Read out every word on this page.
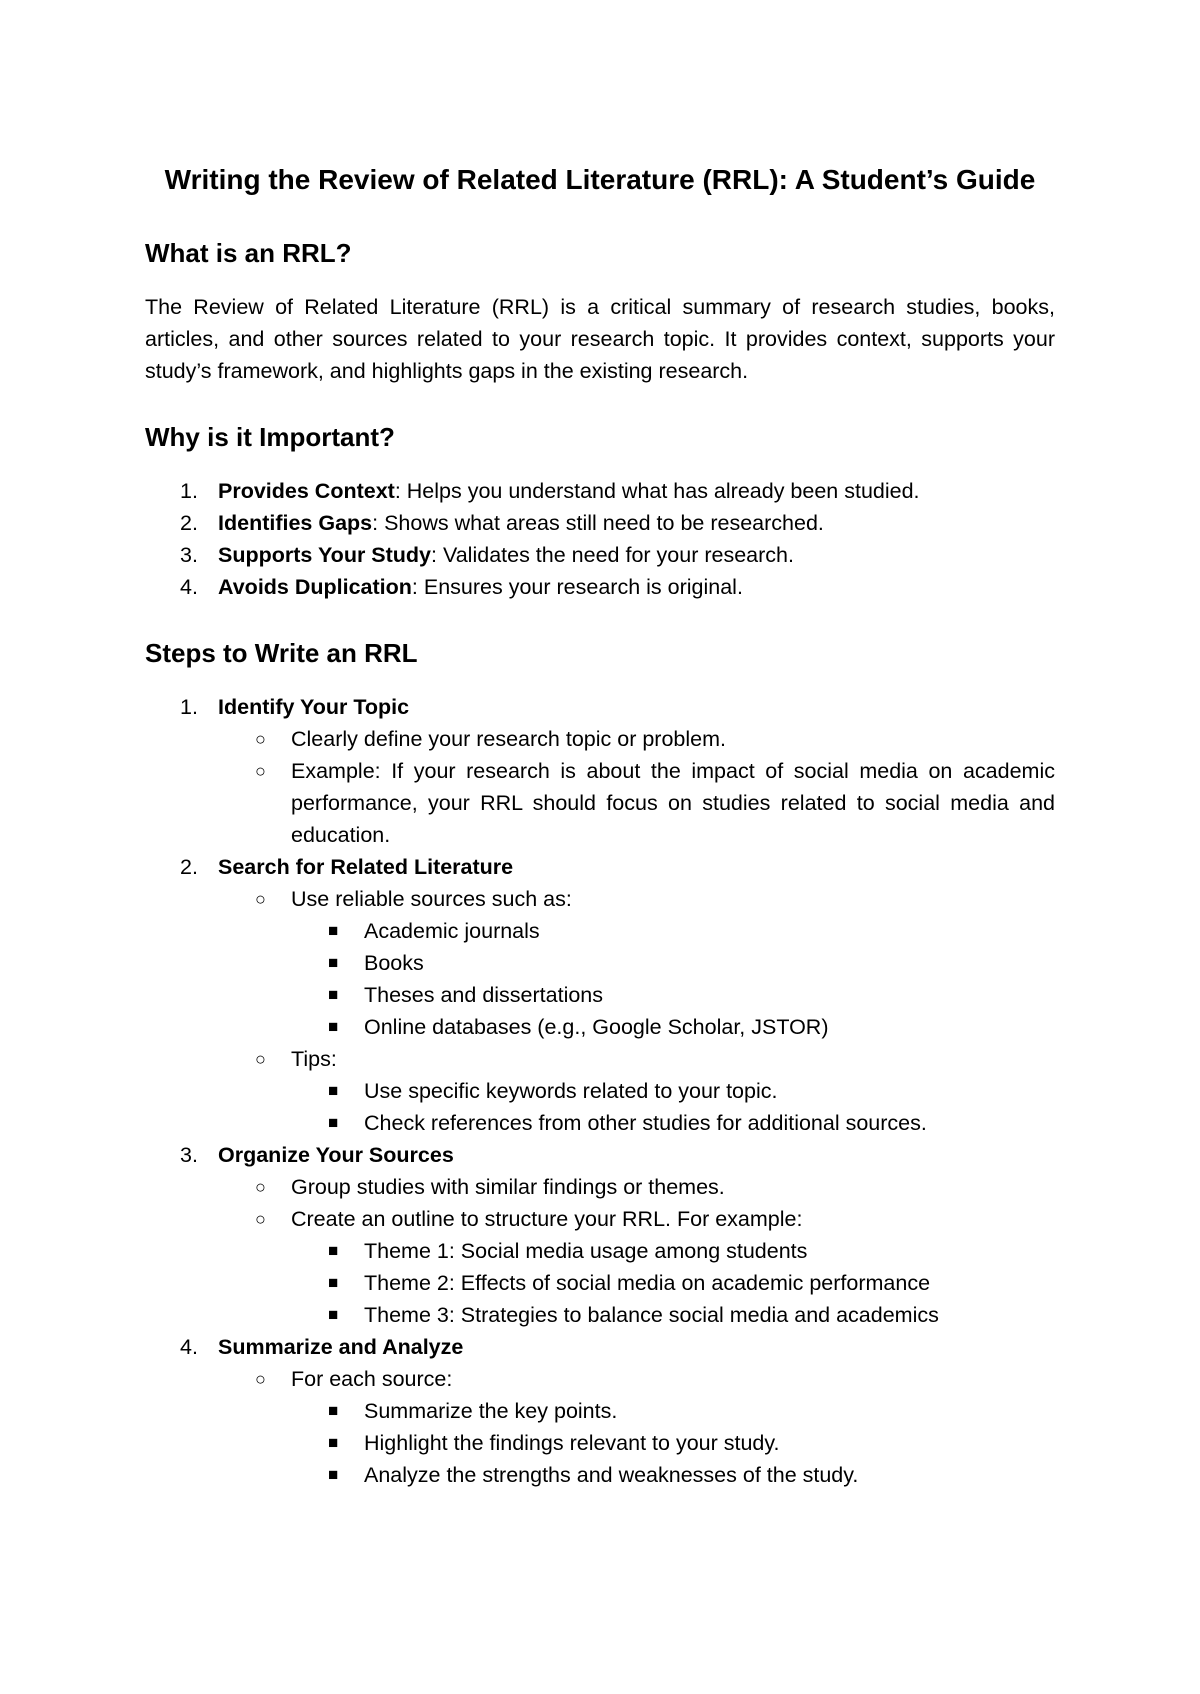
Writing the Review of Related Literature (RRL): A Student’s Guide
What is an RRL?

The Review of Related Literature (RRL) is a critical summary of research studies, books, articles, and other sources related to your research topic. It provides context, supports your study’s framework, and highlights gaps in the existing research.

Why is it Important?
1. Provides Context: Helps you understand what has already been studied.
2. Identifies Gaps: Shows what areas still need to be researched.
3. Supports Your Study: Validates the need for your research.
4. Avoids Duplication: Ensures your research is original.
Steps to Write an RRL
1. Identify Your Topic
○ Clearly define your research topic or problem.
○ Example: If your research is about the impact of social media on academic performance, your RRL should focus on studies related to social media and education.
2. Search for Related Literature
○ Use reliable sources such as:
■ Academic journals
■ Books
■ Theses and dissertations
■ Online databases (e.g., Google Scholar, JSTOR)
○ Tips:
■ Use specific keywords related to your topic.
■ Check references from other studies for additional sources.
3. Organize Your Sources
○ Group studies with similar findings or themes.
○ Create an outline to structure your RRL. For example:
■ Theme 1: Social media usage among students
■ Theme 2: Effects of social media on academic performance
■ Theme 3: Strategies to balance social media and academics
4. Summarize and Analyze
○ For each source:
■ Summarize the key points.
■ Highlight the findings relevant to your study.
■ Analyze the strengths and weaknesses of the study.
